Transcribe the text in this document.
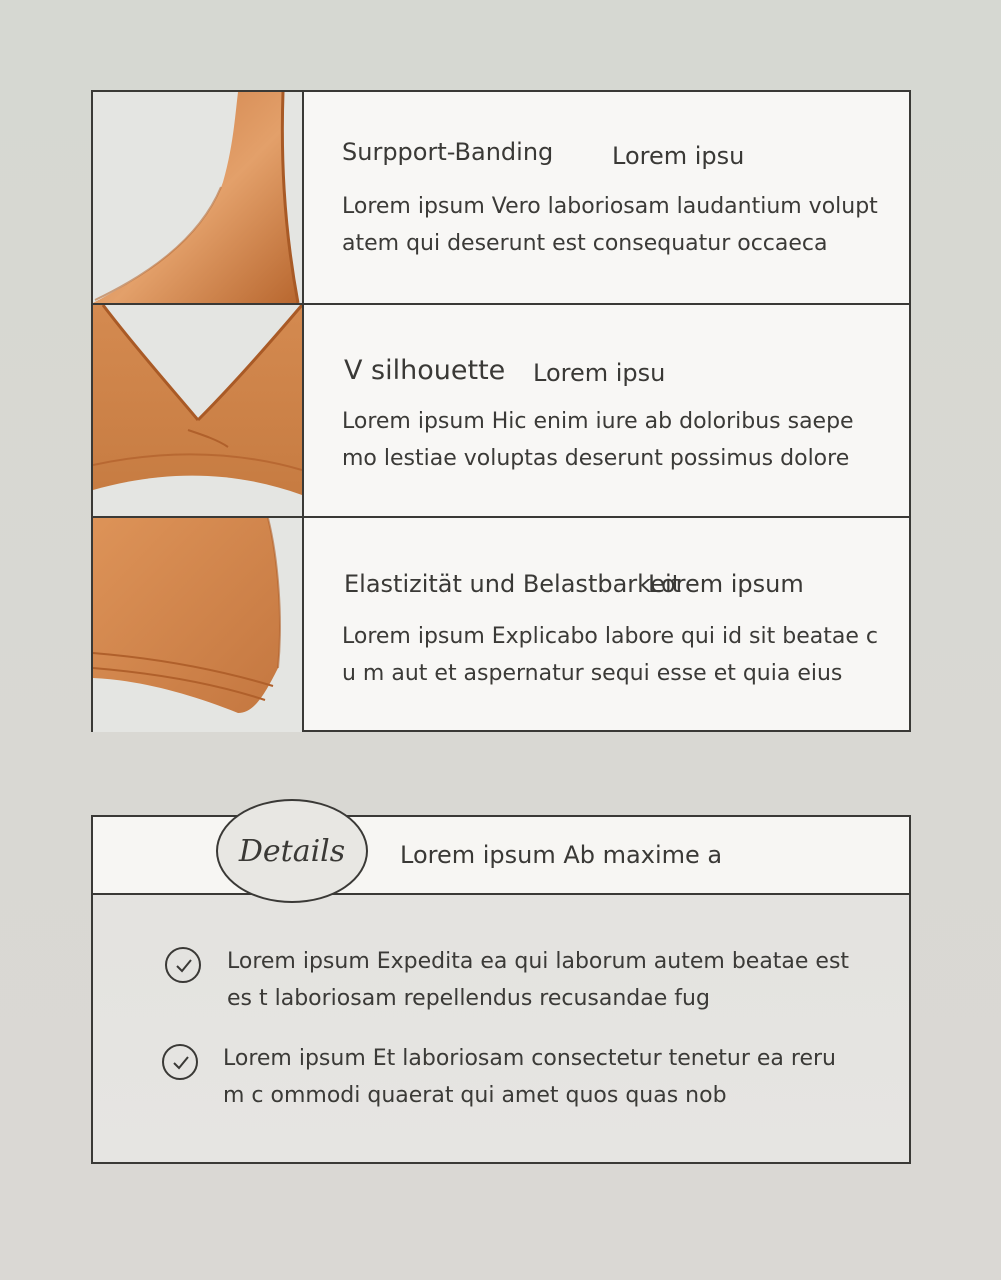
Surpport-Banding Lorem ipsu
Lorem ipsum Vero laboriosam laudantium volupt atem qui deserunt est consequatur occaeca
V silhouette Lorem ipsu
Lorem ipsum Hic enim iure ab doloribus saepe mo lestiae voluptas deserunt possimus dolore
Elastizität und Belastbarkeit
Lorem ipsum
Lorem ipsum Explicabo labore qui id sit beatae cu m aut et aspernatur sequi esse et quia eius
Details	Lorem ipsum Ab maxime a
Lorem ipsum Expedita ea qui laborum autem beatae est es t laboriosam repellendus recusandae fug
Lorem ipsum Et laboriosam consectetur tenetur ea rerum c ommodi quaerat qui amet quos quas nob
